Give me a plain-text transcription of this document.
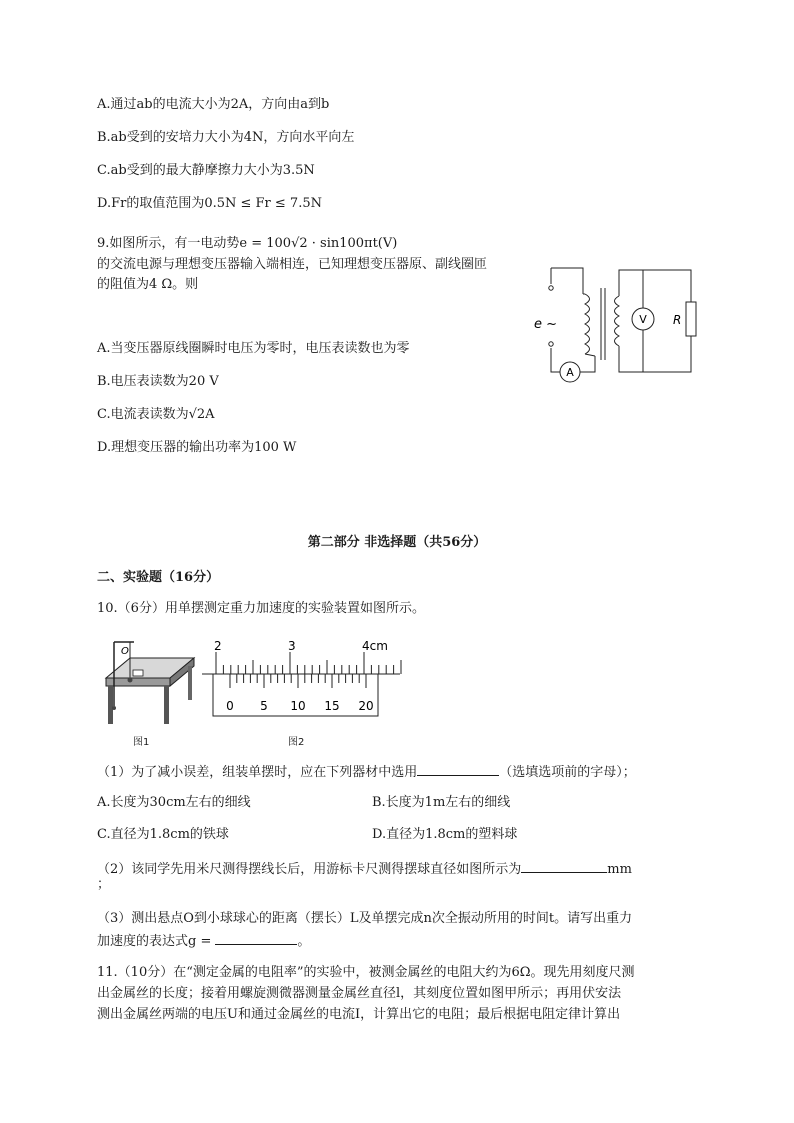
A.通过ab的电流大小为2A，方向由a到b
B.ab受到的安培力大小为4N，方向水平向左
C.ab受到的最大静摩擦力大小为3.5N
D.Fr的取值范围为0.5N ≤ Fr ≤ 7.5N
9.如图所示，有一电动势e = 100√2 · sin100πt(V)
的交流电源与理想变压器输入端相连，已知理想变压器原、副线圈匝
的阻值为4 Ω。则
A
V R
e ~
A.当变压器原线圈瞬时电压为零时，电压表读数也为零
B.电压表读数为20 V
C.电流表读数为√2A
D.理想变压器的输出功率为100 W
第二部分 非选择题（共56分）
二、实验题（16分）
10.（6分）用单摆测定重力加速度的实验装置如图所示。
O
图1
2	3	4cm
0 5 10 15 20
图2
（1）为了减小误差，组装单摆时，应在下列器材中选用	（选填选项前的字母）；
A.长度为30cm左右的细线	B.长度为1m左右的细线
C.直径为1.8cm的铁球	D.直径为1.8cm的塑料球
（2）该同学先用米尺测得摆线长后，用游标卡尺测得摆球直径如图所示为	mm
；
（3）测出悬点O到小球球心的距离（摆长）L及单摆完成n次全振动所用的时间t。请写出重力
加速度的表达式g =	。
11.（10分）在“测定金属的电阻率”的实验中，被测金属丝的电阻大约为6Ω。现先用刻度尺测
出金属丝的长度；接着用螺旋测微器测量金属丝直径l，其刻度位置如图甲所示；再用伏安法
测出金属丝两端的电压U和通过金属丝的电流I，计算出它的电阻；最后根据电阻定律计算出
